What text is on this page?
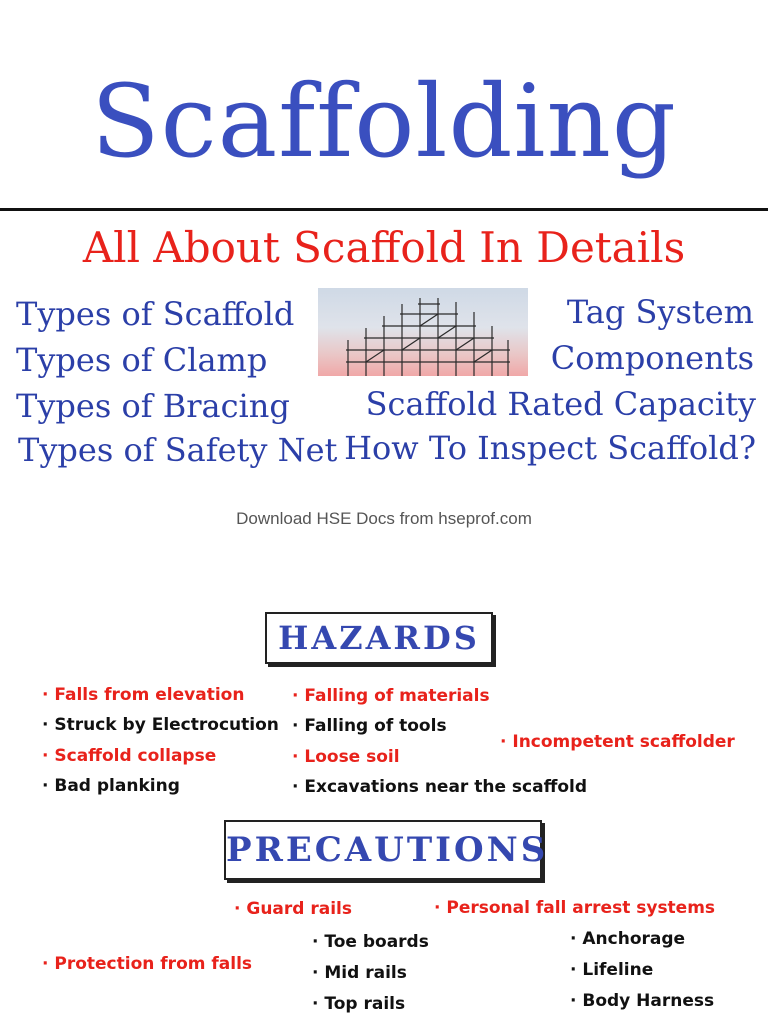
Scaffolding
All About Scaffold In Details
Types of Scaffold
Types of Clamp
Types of Bracing
Types of Safety Net
Tag System
Components
Scaffold Rated Capacity
How To Inspect Scaffold?
Download HSE Docs from hseprof.com
HAZARDS
· Falls from elevation
· Struck by Electrocution
· Scaffold collapse
· Bad planking
· Falling of materials
· Falling of tools
· Loose soil
· Excavations near the scaffold
· Incompetent scaffolder
PRECAUTIONS
· Protection from falls
· Guard rails
· Toe boards
· Mid rails
· Top rails
· Personal fall arrest systems
· Anchorage
· Lifeline
· Body Harness
